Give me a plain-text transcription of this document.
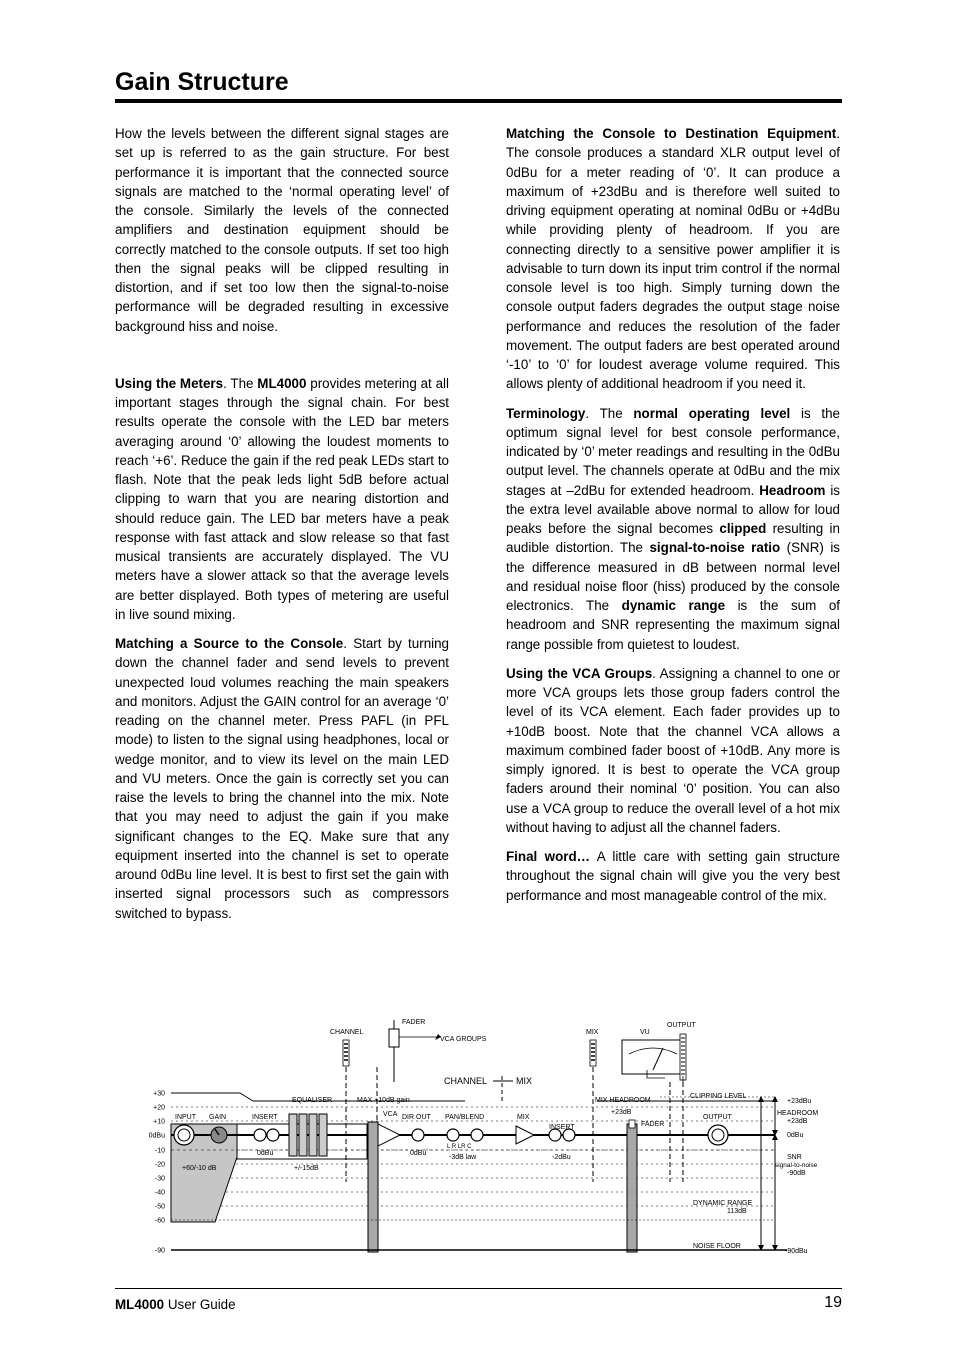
Gain Structure

How the levels between the different signal stages are set up is referred to as the gain structure. For best performance it is important that the connected source signals are matched to the ‘normal operating level’ of the console. Similarly the levels of the connected amplifiers and destination equipment should be correctly matched to the console outputs. If set too high then the signal peaks will be clipped resulting in distortion, and if set too low then the signal-to-noise performance will be degraded resulting in excessive background hiss and noise.

Using the Meters. The ML4000 provides metering at all important stages through the signal chain. For best results operate the console with the LED bar meters averaging around ‘0’ allowing the loudest moments to reach ‘+6’. Reduce the gain if the red peak LEDs start to flash. Note that the peak leds light 5dB before actual clipping to warn that you are nearing distortion and should reduce gain. The LED bar meters have a peak response with fast attack and slow release so that fast musical transients are accurately displayed. The VU meters have a slower attack so that the average levels are better displayed. Both types of metering are useful in live sound mixing.

Matching a Source to the Console. Start by turning down the channel fader and send levels to prevent unexpected loud volumes reaching the main speakers and monitors. Adjust the GAIN control for an average ‘0’ reading on the channel meter. Press PAFL (in PFL mode) to listen to the signal using headphones, local or wedge monitor, and to view its level on the main LED and VU meters. Once the gain is correctly set you can raise the levels to bring the channel into the mix. Note that you may need to adjust the gain if you make significant changes to the EQ. Make sure that any equipment inserted into the channel is set to operate around 0dBu line level. It is best to first set the gain with inserted signal processors such as compressors switched to bypass.

Matching the Console to Destination Equipment. The console produces a standard XLR output level of 0dBu for a meter reading of ‘0’. It can produce a maximum of +23dBu and is therefore well suited to driving equipment operating at nominal 0dBu or +4dBu while providing plenty of headroom. If you are connecting directly to a sensitive power amplifier it is advisable to turn down its input trim control if the normal console level is too high. Simply turning down the console output faders degrades the output stage noise performance and reduces the resolution of the fader movement. The output faders are best operated around ‘-10’ to ‘0’ for loudest average volume required. This allows plenty of additional headroom if you need it.

Terminology. The normal operating level is the optimum signal level for best console performance, indicated by ‘0’ meter readings and resulting in the 0dBu output level. The channels operate at 0dBu and the mix stages at –2dBu for extended headroom. Headroom is the extra level available above normal to allow for loud peaks before the signal becomes clipped resulting in audible distortion. The signal-to-noise ratio (SNR) is the difference measured in dB between normal level and residual noise floor (hiss) produced by the console electronics. The dynamic range is the sum of headroom and SNR representing the maximum signal range possible from quietest to loudest.

Using the VCA Groups. Assigning a channel to one or more VCA groups lets those group faders control the level of its VCA element. Each fader provides up to +10dB boost. Note that the channel VCA allows a maximum combined fader boost of +10dB. Any more is simply ignored. It is best to operate the VCA group faders around their nominal ‘0’ position. You can also use a VCA group to reduce the overall level of a hot mix without having to adjust all the channel faders.

Final word… A little care with setting gain structure throughout the signal chain will give you the very best performance and most manageable control of the mix.

+30
+20
+10
0dBu
-10
-20
-30
-40
-50
-60
-90
CHANNEL
FADER
VCA GROUPS
MIX	VU
OUTPUT
CHANNEL	MIX
INPUT GAIN	INSERT
EQUALISER	MAX +10dB gain
VCA DIR OUT PAN/BLEND	MIX
INSERT
MIX HEADROOM
+23dB
FADER
CLIPPING LEVEL
OUTPUT
0dBu
+60/-10 dB	+/-15dB
0dBu
L R LR C
-3dB law	-2dBu
+23dBu
HEADROOM
+23dB
0dBu
SNR
signal-to-noise
-90dB
DYNAMIC RANGE
113dB
NOISE FLOOR
-90dBu
ML4000 User Guide	19
